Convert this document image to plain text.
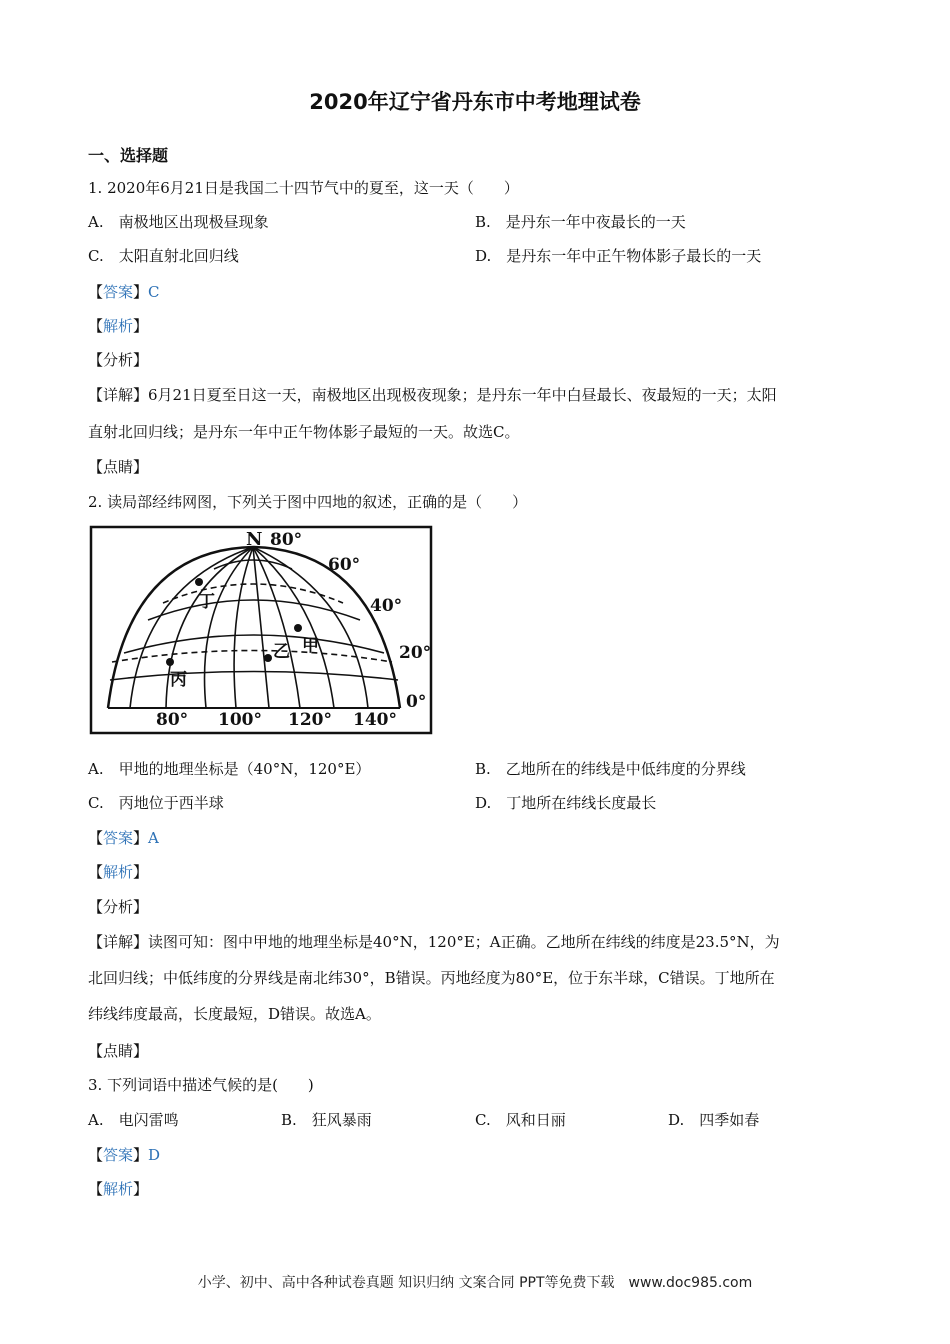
2020年辽宁省丹东市中考地理试卷
一、选择题
1. 2020年6月21日是我国二十四节气中的夏至，这一天（　　）
A.　南极地区出现极昼现象	B.　是丹东一年中夜最长的一天
C.　太阳直射北回归线	D.　是丹东一年中正午物体影子最长的一天
【答案】C
【解析】
【分析】
【详解】6月21日夏至日这一天，南极地区出现极夜现象；是丹东一年中白昼最长、夜最短的一天；太阳
直射北回归线；是丹东一年中正午物体影子最短的一天。故选C。
【点睛】
2. 读局部经纬网图，下列关于图中四地的叙述，正确的是（　　）
N 80°
60°
40°
20°
0°
80° 100° 120° 140°
丁
乙 甲
丙
A.　甲地的地理坐标是（40°N，120°E）	B.　乙地所在的纬线是中低纬度的分界线
C.　丙地位于西半球	D.　丁地所在纬线长度最长
【答案】A
【解析】
【分析】
【详解】读图可知：图中甲地的地理坐标是40°N，120°E；A正确。乙地所在纬线的纬度是23.5°N，为
北回归线；中低纬度的分界线是南北纬30°，B错误。丙地经度为80°E，位于东半球，C错误。丁地所在
纬线纬度最高，长度最短，D错误。故选A。
【点睛】
3. 下列词语中描述气候的是(　　)
A.　电闪雷鸣	B.　狂风暴雨	C.　风和日丽	D.　四季如春
【答案】D
【解析】
小学、初中、高中各种试卷真题 知识归纳 文案合同 PPT等免费下载　www.doc985.com
